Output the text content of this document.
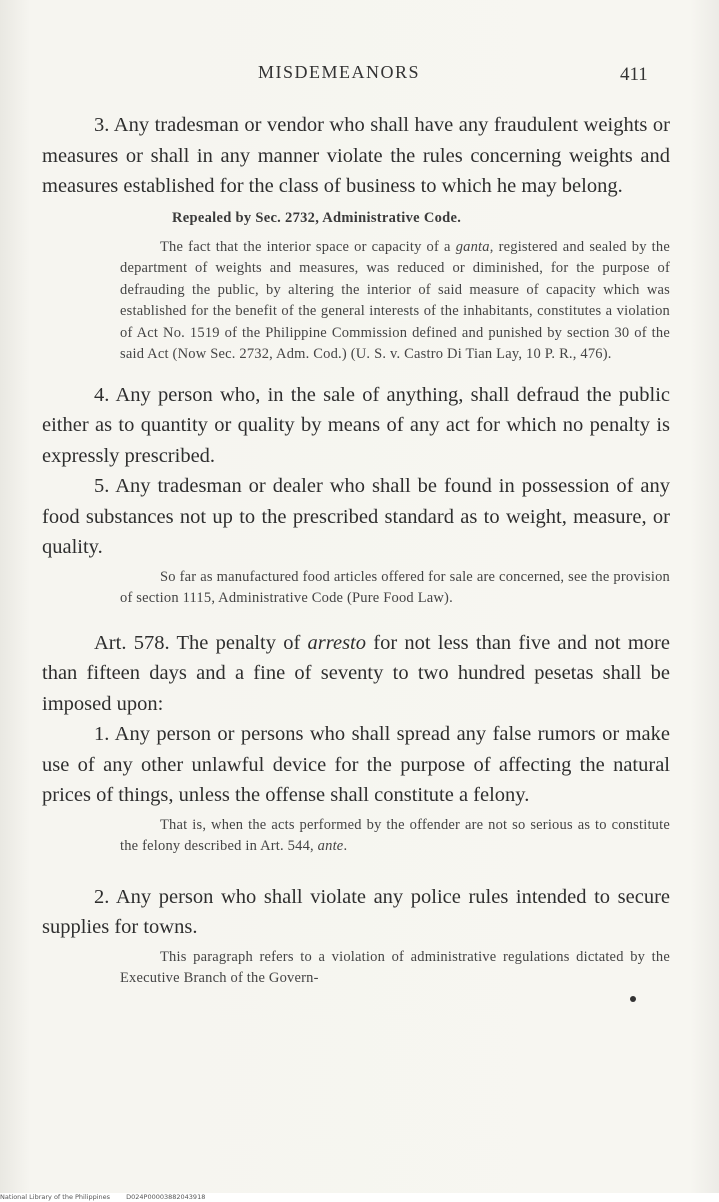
MISDEMEANORS	411

3. Any tradesman or vendor who shall have any fraudulent weights or measures or shall in any manner violate the rules concerning weights and measures established for the class of business to which he may belong.

Repealed by Sec. 2732, Administrative Code.

The fact that the interior space or capacity of a ganta, registered and sealed by the department of weights and measures, was reduced or diminished, for the purpose of defrauding the public, by altering the interior of said measure of capacity which was established for the benefit of the general interests of the inhabitants, constitutes a violation of Act No. 1519 of the Philippine Commission defined and punished by section 30 of the said Act (Now Sec. 2732, Adm. Cod.) (U. S. v. Castro Di Tian Lay, 10 P. R., 476).

4. Any person who, in the sale of anything, shall defraud the public either as to quantity or quality by means of any act for which no penalty is expressly prescribed.

5. Any tradesman or dealer who shall be found in possession of any food substances not up to the prescribed standard as to weight, measure, or quality.

So far as manufactured food articles offered for sale are concerned, see the provision of section 1115, Administrative Code (Pure Food Law).

Art. 578. The penalty of arresto for not less than five and not more than fifteen days and a fine of seventy to two hundred pesetas shall be imposed upon:

1. Any person or persons who shall spread any false rumors or make use of any other unlawful device for the purpose of affecting the natural prices of things, unless the offense shall constitute a felony.

That is, when the acts performed by the offender are not so serious as to constitute the felony described in Art. 544, ante.

2. Any person who shall violate any police rules intended to secure supplies for towns.

This paragraph refers to a violation of administrative regulations dictated by the Executive Branch of the Govern-

National Library of the Philippines D024P00003882043918
